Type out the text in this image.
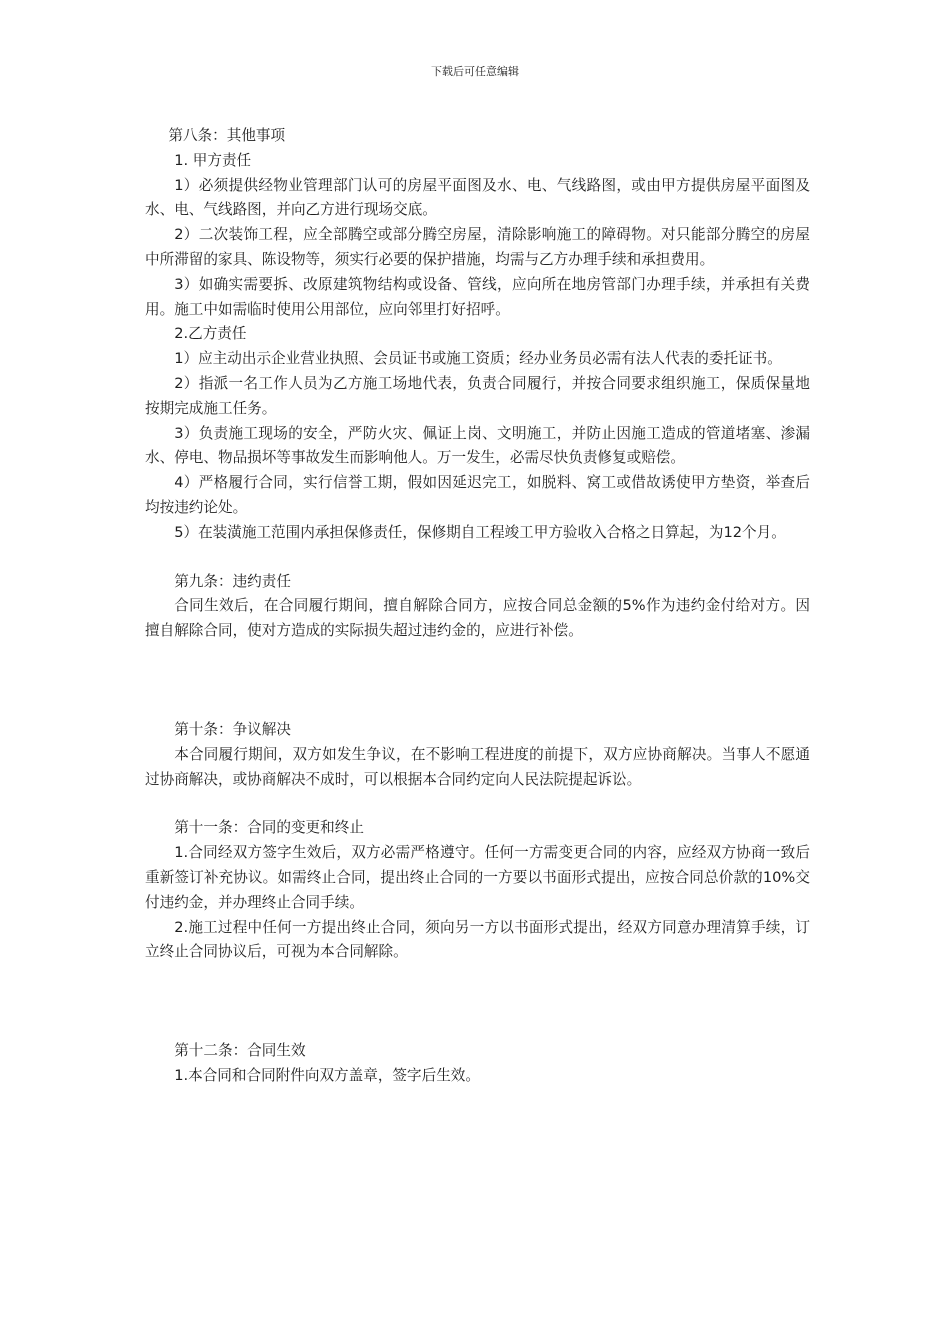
下载后可任意编辑

第八条：其他事项

1. 甲方责任

1）必须提供经物业管理部门认可的房屋平面图及水、电、气线路图，或由甲方提供房屋平面图及水、电、气线路图，并向乙方进行现场交底。

2）二次装饰工程，应全部腾空或部分腾空房屋，清除影响施工的障碍物。对只能部分腾空的房屋中所滞留的家具、陈设物等，须实行必要的保护措施，均需与乙方办理手续和承担费用。

3）如确实需要拆、改原建筑物结构或设备、管线，应向所在地房管部门办理手续，并承担有关费用。施工中如需临时使用公用部位，应向邻里打好招呼。

2.乙方责任

1）应主动出示企业营业执照、会员证书或施工资质；经办业务员必需有法人代表的委托证书。

2）指派一名工作人员为乙方施工场地代表，负责合同履行，并按合同要求组织施工，保质保量地按期完成施工任务。

3）负责施工现场的安全，严防火灾、佩证上岗、文明施工，并防止因施工造成的管道堵塞、渗漏水、停电、物品损坏等事故发生而影响他人。万一发生，必需尽快负责修复或赔偿。

4）严格履行合同，实行信誉工期，假如因延迟完工，如脱料、窝工或借故诱使甲方垫资，举查后均按违约论处。

5）在装潢施工范围内承担保修责任，保修期自工程竣工甲方验收入合格之日算起，为12个月。

第九条：违约责任

合同生效后，在合同履行期间，擅自解除合同方，应按合同总金额的5%作为违约金付给对方。因擅自解除合同，使对方造成的实际损失超过违约金的，应进行补偿。

第十条：争议解决

本合同履行期间，双方如发生争议，在不影响工程进度的前提下，双方应协商解决。当事人不愿通过协商解决，或协商解决不成时，可以根据本合同约定向人民法院提起诉讼。

第十一条：合同的变更和终止

1.合同经双方签字生效后，双方必需严格遵守。任何一方需变更合同的内容，应经双方协商一致后重新签订补充协议。如需终止合同，提出终止合同的一方要以书面形式提出，应按合同总价款的10%交付违约金，并办理终止合同手续。

2.施工过程中任何一方提出终止合同，须向另一方以书面形式提出，经双方同意办理清算手续，订立终止合同协议后，可视为本合同解除。

第十二条：合同生效

1.本合同和合同附件向双方盖章，签字后生效。
